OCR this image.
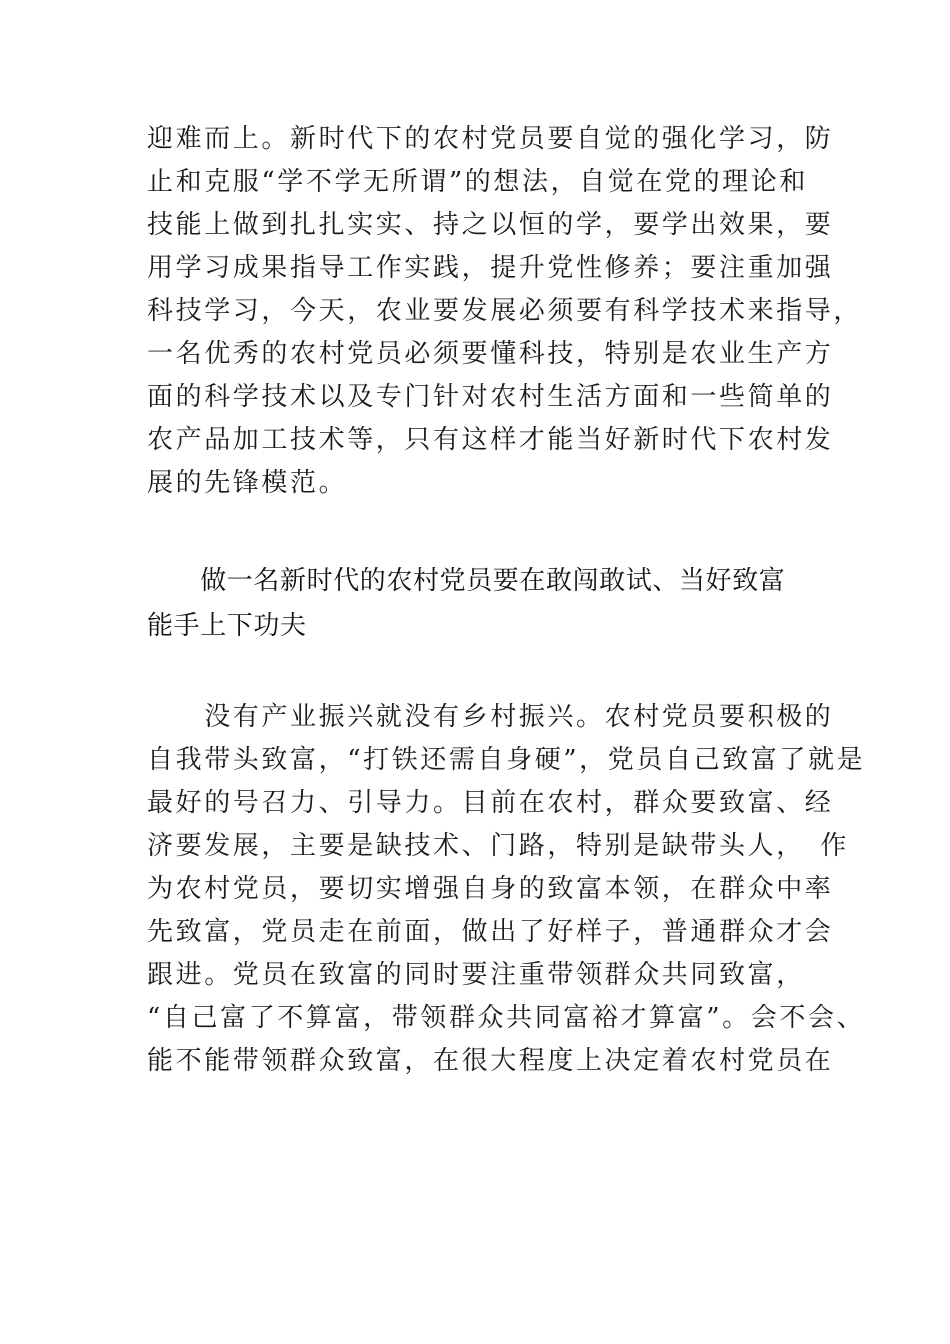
迎难而上。新时代下的农村党员要自觉的强化学习，防
止和克服“学不学无所谓”的想法，自觉在党的理论和
技能上做到扎扎实实、持之以恒的学，要学出效果，要
用学习成果指导工作实践，提升党性修养；要注重加强
科技学习，今天，农业要发展必须要有科学技术来指导，
一名优秀的农村党员必须要懂科技，特别是农业生产方
面的科学技术以及专门针对农村生活方面和一些简单的
农产品加工技术等，只有这样才能当好新时代下农村发
展的先锋模范。
　　做一名新时代的农村党员要在敢闯敢试、当好致富
能手上下功夫
　　没有产业振兴就没有乡村振兴。农村党员要积极的
自我带头致富，“打铁还需自身硬”，党员自己致富了就是
最好的号召力、引导力。目前在农村，群众要致富、经
济要发展，主要是缺技术、门路，特别是缺带头人，　作
为农村党员，要切实增强自身的致富本领，在群众中率
先致富，党员走在前面，做出了好样子，普通群众才会
跟进。党员在致富的同时要注重带领群众共同致富，
“自己富了不算富，带领群众共同富裕才算富”。会不会、
能不能带领群众致富，在很大程度上决定着农村党员在
